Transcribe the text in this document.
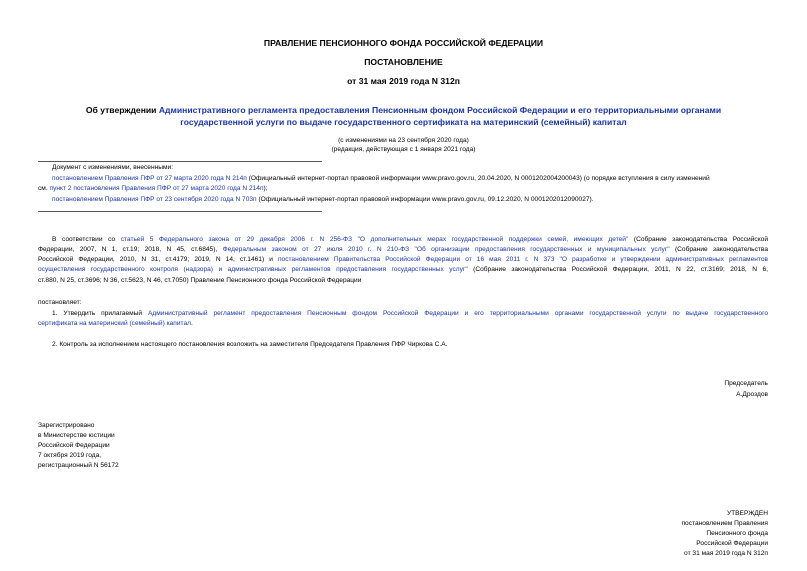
ПРАВЛЕНИЕ ПЕНСИОННОГО ФОНДА РОССИЙСКОЙ ФЕДЕРАЦИИ
ПОСТАНОВЛЕНИЕ
от 31 мая 2019 года N 312п
Об утверждении Административного регламента предоставления Пенсионным фондом Российской Федерации и его территориальными органами
государственной услуги по выдаче государственного сертификата на материнский (семейный) капитал
(с изменениями на 23 сентября 2020 года)
(редакция, действующая с 1 января 2021 года)
Документ с изменениями, внесенными:
постановлением Правления ПФР от 27 марта 2020 года N 214п (Официальный интернет-портал правовой информации www.pravo.gov.ru, 20.04.2020, N 0001202004200043) (о порядке вступления в силу изменений
см. пункт 2 постановления Правления ПФР от 27 марта 2020 года N 214п);
постановлением Правления ПФР от 23 сентября 2020 года N 703п (Официальный интернет-портал правовой информации www.pravo.gov.ru, 09.12.2020, N 0001202012090027).
В соответствии со статьей 5 Федерального закона от 29 декабря 2006 г. N 256-ФЗ "О дополнительных мерах государственной поддержки семей, имеющих детей" (Собрание законодательства Российской
Федерации, 2007, N 1, ст.19; 2018, N 45, ст.6845), Федеральным законом от 27 июля 2010 г. N 210-ФЗ "Об организации предоставления государственных и муниципальных услуг" (Собрание законодательства
Российской Федерации, 2010, N 31, ст.4179; 2019, N 14, ст.1461) и постановлением Правительства Российской Федерации от 16 мая 2011 г. N 373 "О разработке и утверждении административных регламентов
осуществления государственного контроля (надзора) и административных регламентов предоставления государственных услуг" (Собрание законодательства Российской Федерации, 2011, N 22, ст.3169; 2018, N 6,
ст.880, N 25, ст.3696; N 36, ст.5623, N 46, ст.7050) Правление Пенсионного фонда Российской Федерации
постановляет:
1. Утвердить прилагаемый Административный регламент предоставления Пенсионным фондом Российской Федерации и его территориальными органами государственной услуги по выдаче государственного
сертификата на материнский (семейный) капитал.
2. Контроль за исполнением настоящего постановления возложить на заместителя Председателя Правления ПФР Чиркова С.А.
Председатель
А.Дроздов
Зарегистрировано
в Министерстве юстиции
Российской Федерации
7 октября 2019 года,
регистрационный N 56172
УТВЕРЖДЕН
постановлением Правления
Пенсионного фонда
Российской Федерации
от 31 мая 2019 года N 312п
